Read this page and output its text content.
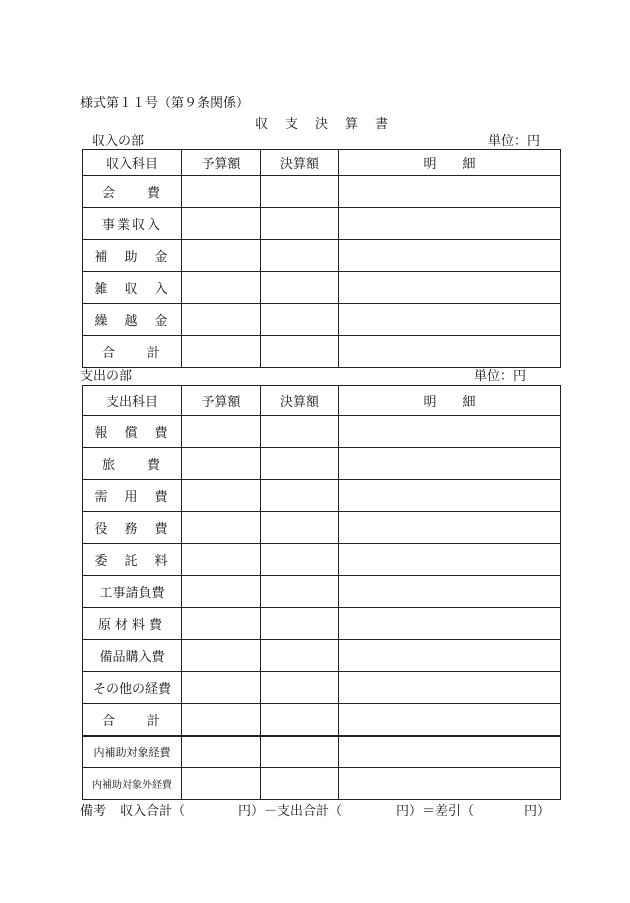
様式第１１号（第９条関係）
収　支　決　算　書
収入の部	単位：円
収入科目	予算額	決算額	明　　細
会　　費			
事業収入			
補　助　金			
雑　収　入			
繰　越　金			
合　　計			
支出の部	単位：円
支出科目	予算額	決算額	明　　細
報　償　費			
旅　　費			
需　用　費			
役　務　費			
委　託　料			
工事請負費			
原材料費			
備品購入費			
その他の経費			
合　　計			
内補助対象経費			
内補助対象外経費			
備考	収入合計（	円）－支出合計（	円）＝差引（	円）
